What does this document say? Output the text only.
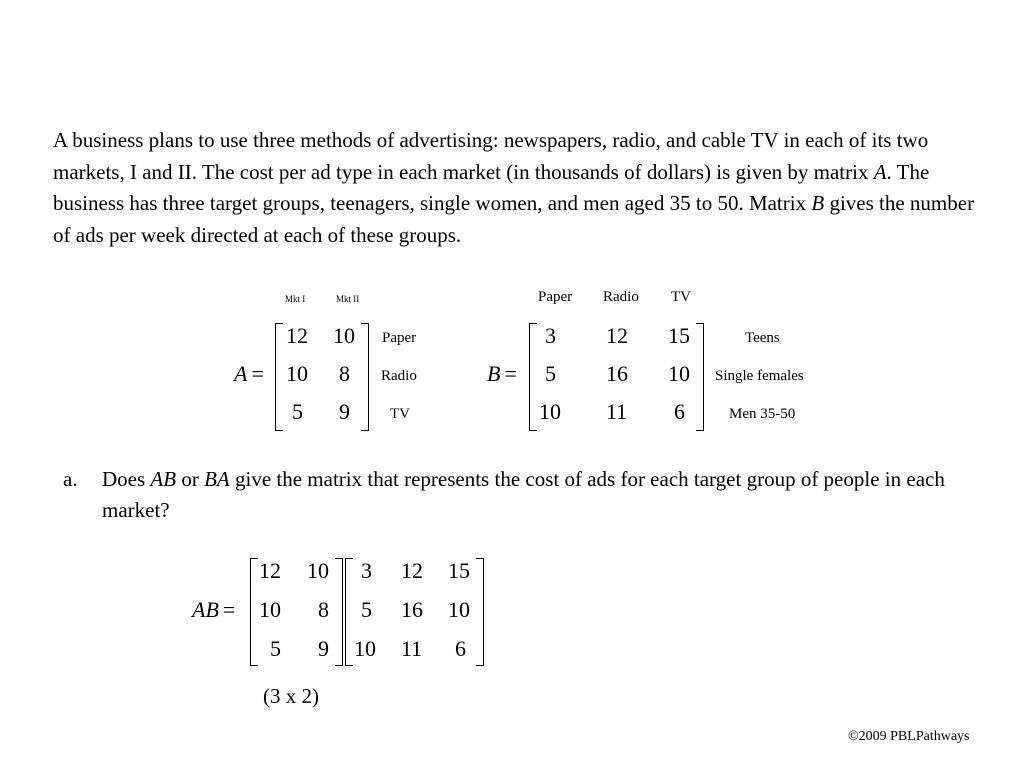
A business plans to use three methods of advertising: newspapers, radio, and cable TV in each of its two markets, I and II. The cost per ad type in each market (in thousands of dollars) is given by matrix A. The business has three target groups, teenagers, single women, and men aged 35 to 50. Matrix B gives the number of ads per week directed at each of these groups.
Mkt I	Mkt II
A =
12 10
10 8
5 9
Paper
Radio
TV
Paper Radio TV
B =
3 12 15
5 16 10
10 11 6
Teens
Single females
Men 35-50
a. Does AB or BA give the matrix that represents the cost of ads for each target group of people in each market?
AB =
12 10
10 8
5 9
3 12 15
5 16 10
10 11 6
(3 x 2)
©2009 PBLPathways
